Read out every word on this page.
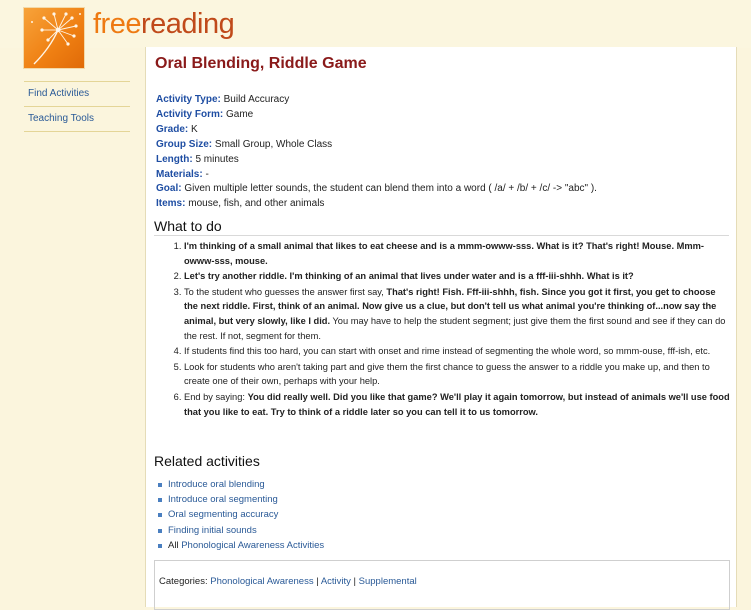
freereading
Find Activities
Teaching Tools
Oral Blending, Riddle Game
Activity Type: Build Accuracy
Activity Form: Game
Grade: K
Group Size: Small Group, Whole Class
Length: 5 minutes
Materials: -
Goal: Given multiple letter sounds, the student can blend them into a word ( /a/ + /b/ + /c/ -> "abc" ).
Items: mouse, fish, and other animals
What to do
1. I'm thinking of a small animal that likes to eat cheese and is a mmm-owww-sss. What is it? That's right! Mouse. Mmm-owww-sss, mouse.
2. Let's try another riddle. I'm thinking of an animal that lives under water and is a fff-iii-shhh. What is it?
3. To the student who guesses the answer first say, That's right! Fish. Fff-iii-shhh, fish. Since you got it first, you get to choose the next riddle. First, think of an animal. Now give us a clue, but don't tell us what animal you're thinking of...now say the animal, but very slowly, like I did. You may have to help the student segment; just give them the first sound and see if they can do the rest. If not, segment for them.
4. If students find this too hard, you can start with onset and rime instead of segmenting the whole word, so mmm-ouse, fff-ish, etc.
5. Look for students who aren't taking part and give them the first chance to guess the answer to a riddle you make up, and then to create one of their own, perhaps with your help.
6. End by saying: You did really well. Did you like that game? We'll play it again tomorrow, but instead of animals we'll use food that you like to eat. Try to think of a riddle later so you can tell it to us tomorrow.
Related activities
Introduce oral blending
Introduce oral segmenting
Oral segmenting accuracy
Finding initial sounds
All Phonological Awareness Activities
Categories: Phonological Awareness | Activity | Supplemental
